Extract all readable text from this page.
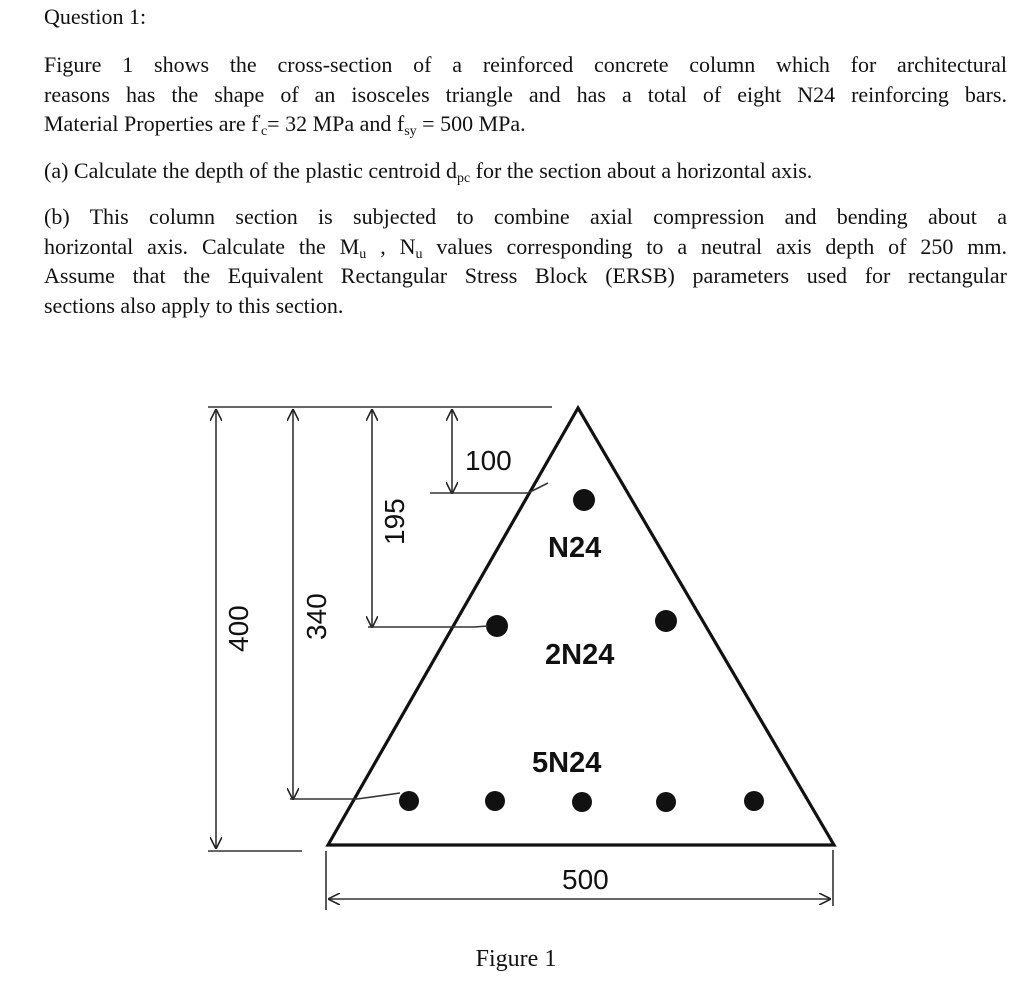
Question 1:

Figure 1 shows the cross-section of a reinforced concrete column which for architectural
reasons has the shape of an isosceles triangle and has a total of eight N24 reinforcing bars.
Material Properties are $f'_c= 32$ MPa and $f_{sy} = 500$ MPa.

(a) Calculate the depth of the plastic centroid $d_{pc}$ for the section about a horizontal axis.

(b) This column section is subjected to combine axial compression and bending about a
horizontal axis. Calculate the $M_u$ , $N_u$ values corresponding to a neutral axis depth of 250 mm.
Assume that the Equivalent Rectangular Stress Block (ERSB) parameters used for rectangular
sections also apply to this section.

N24
2N24
5N24
400 340
195
100
500

Figure 1
